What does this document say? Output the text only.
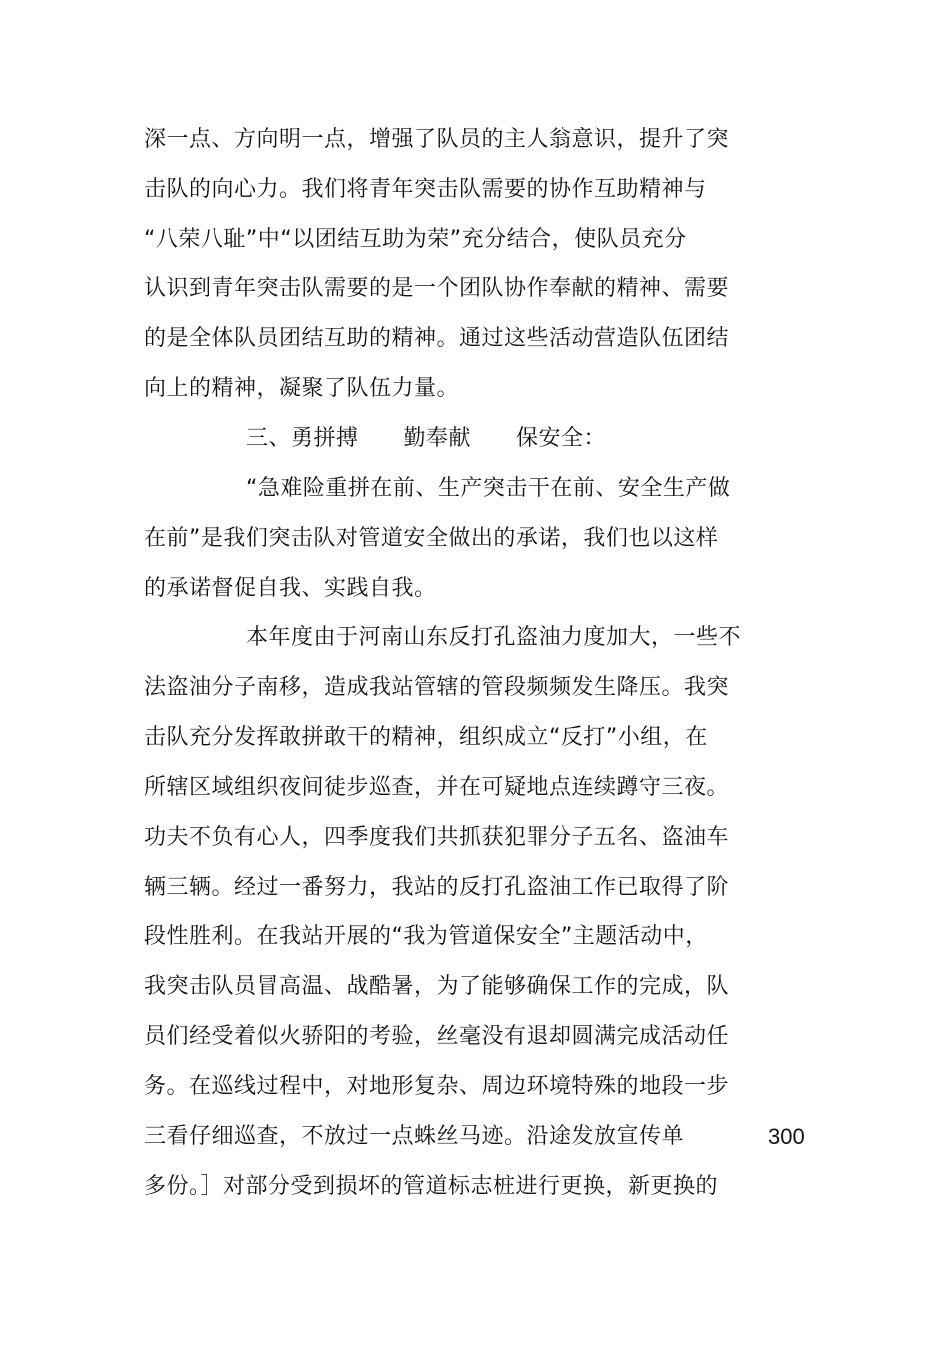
深一点、方向明一点，增强了队员的主人翁意识，提升了突
击队的向心力。我们将青年突击队需要的协作互助精神与
“八荣八耻”中“以团结互助为荣”充分结合，使队员充分
认识到青年突击队需要的是一个团队协作奉献的精神、需要
的是全体队员团结互助的精神。通过这些活动营造队伍团结
向上的精神，凝聚了队伍力量。
三、勇拼搏　　勤奉献　　保安全：
“急难险重拼在前、生产突击干在前、安全生产做
在前”是我们突击队对管道安全做出的承诺，我们也以这样
的承诺督促自我、实践自我。
本年度由于河南山东反打孔盗油力度加大，一些不
法盗油分子南移，造成我站管辖的管段频频发生降压。我突
击队充分发挥敢拼敢干的精神，组织成立“反打”小组，在
所辖区域组织夜间徒步巡查，并在可疑地点连续蹲守三夜。
功夫不负有心人，四季度我们共抓获犯罪分子五名、盗油车
辆三辆。经过一番努力，我站的反打孔盗油工作已取得了阶
段性胜利。在我站开展的“我为管道保安全”主题活动中，
我突击队员冒高温、战酷暑，为了能够确保工作的完成，队
员们经受着似火骄阳的考验，丝毫没有退却圆满完成活动任
务。在巡线过程中，对地形复杂、周边环境特殊的地段一步
三看仔细巡查，不放过一点蛛丝马迹。沿途发放宣传单	300
多份。］对部分受到损坏的管道标志桩进行更换，新更换的
